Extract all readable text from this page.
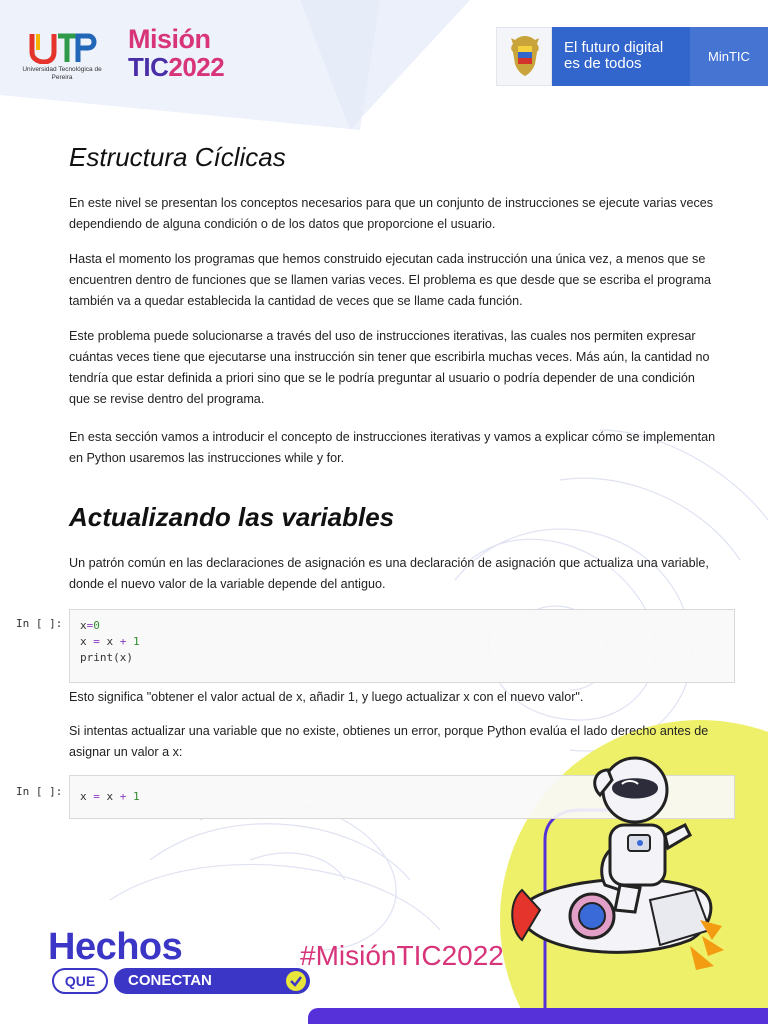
Universidad Tecnológica de Pereira
Misión
TIC2022
El futuro digital
es de todos	MinTIC
Estructura Cíclicas

En este nivel se presentan los conceptos necesarios para que un conjunto de instrucciones se ejecute varias veces dependiendo de alguna condición o de los datos que proporcione el usuario.

Hasta el momento los programas que hemos construido ejecutan cada instrucción una única vez, a menos que se encuentren dentro de funciones que se llamen varias veces. El problema es que desde que se escriba el programa también va a quedar establecida la cantidad de veces que se llame cada función.

Este problema puede solucionarse a través del uso de instrucciones iterativas, las cuales nos permiten expresar cuántas veces tiene que ejecutarse una instrucción sin tener que escribirla muchas veces. Más aún, la cantidad no tendría que estar definida a priori sino que se le podría preguntar al usuario o podría depender de una condición que se revise dentro del programa.

En esta sección vamos a introducir el concepto de instrucciones iterativas y vamos a explicar cómo se implementan en Python usaremos las instrucciones while y for.

Actualizando las variables

Un patrón común en las declaraciones de asignación es una declaración de asignación que actualiza una variable, donde el nuevo valor de la variable depende del antiguo.

In [ ]: x=0
x = x + 1
print(x)

Esto significa "obtener el valor actual de x, añadir 1, y luego actualizar x con el nuevo valor".

Si intentas actualizar una variable que no existe, obtienes un error, porque Python evalúa el lado derecho antes de asignar un valor a x:

In [ ]: x = x + 1
Hechos
QUE	CONECTAN
#MisiónTIC2022
